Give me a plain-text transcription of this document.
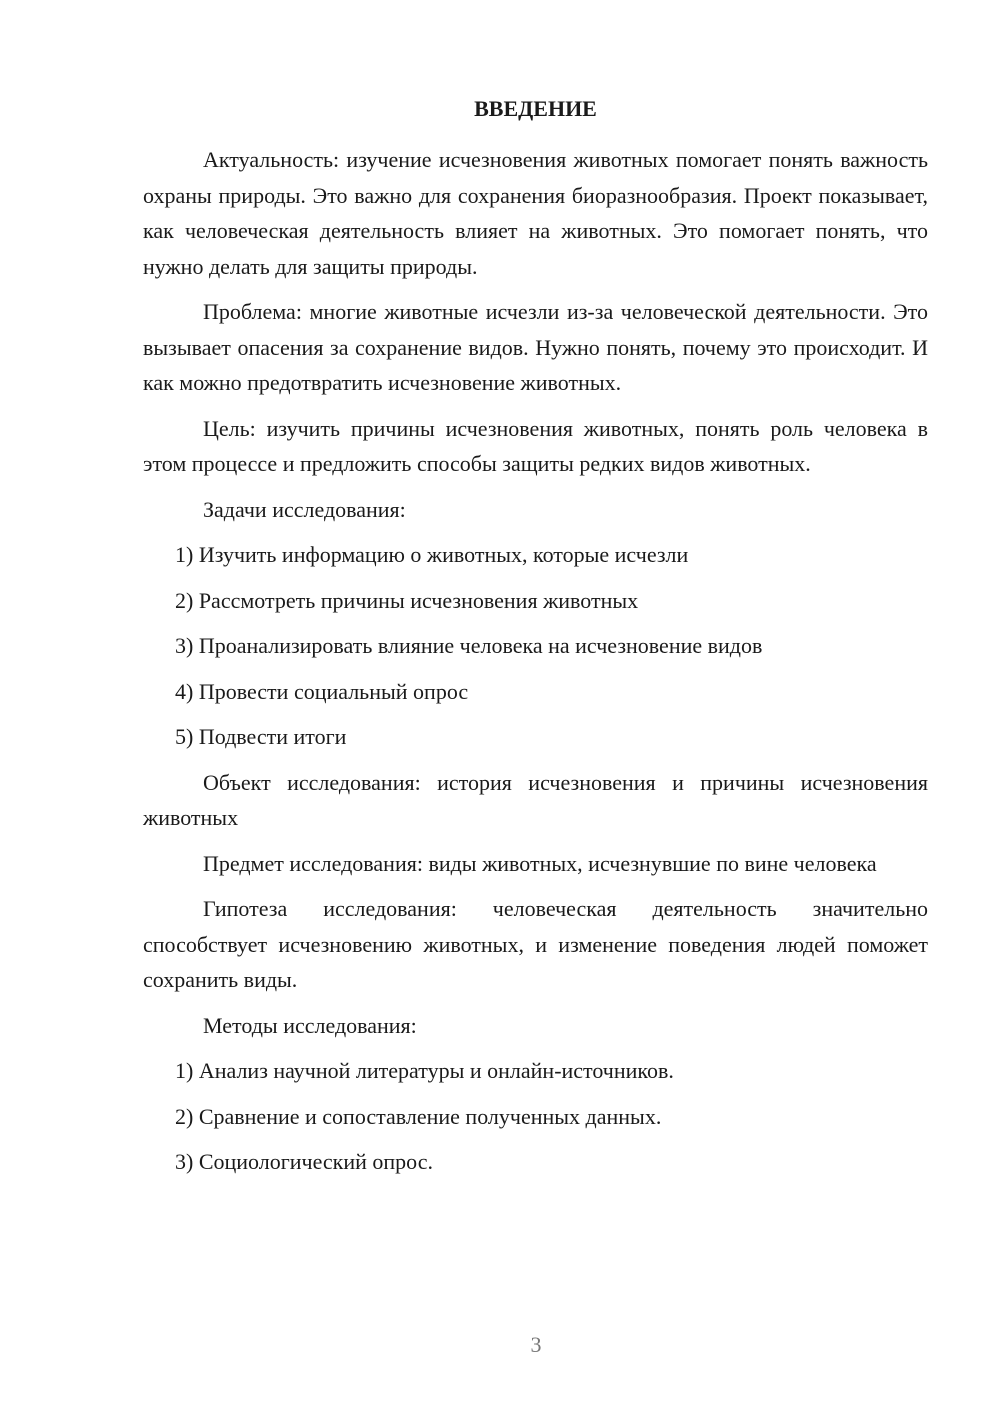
ВВЕДЕНИЕ

Актуальность: изучение исчезновения животных помогает понять важность охраны природы. Это важно для сохранения биоразнообразия. Проект показывает, как человеческая деятельность влияет на животных. Это помогает понять, что нужно делать для защиты природы.

Проблема: многие животные исчезли из-за человеческой деятельности. Это вызывает опасения за сохранение видов. Нужно понять, почему это происходит. И как можно предотвратить исчезновение животных.

Цель: изучить причины исчезновения животных, понять роль человека в этом процессе и предложить способы защиты редких видов животных.

Задачи исследования:

1) Изучить информацию о животных, которые исчезли

2) Рассмотреть причины исчезновения животных

3) Проанализировать влияние человека на исчезновение видов

4) Провести социальный опрос

5) Подвести итоги

Объект исследования: история исчезновения и причины исчезновения животных

Предмет исследования: виды животных, исчезнувшие по вине человека

Гипотеза исследования: человеческая деятельность значительно способствует исчезновению животных, и изменение поведения людей поможет сохранить виды.

Методы исследования:

1) Анализ научной литературы и онлайн-источников.

2) Сравнение и сопоставление полученных данных.

3) Социологический опрос.

3
